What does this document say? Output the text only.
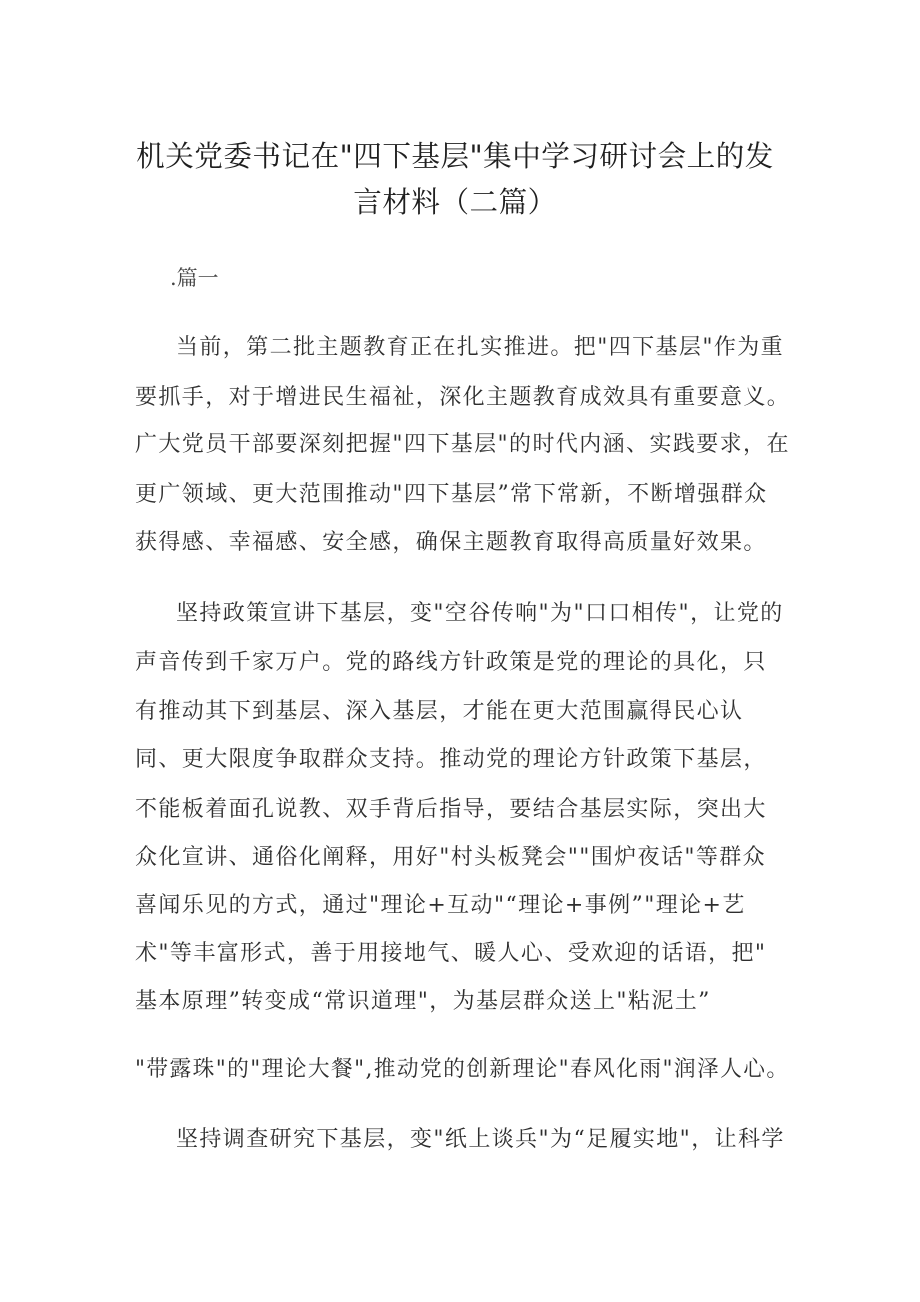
机关党委书记在"四下基层"集中学习研讨会上的发
言材料（二篇）
.篇一
当前，第二批主题教育正在扎实推进。把"四下基层"作为重
要抓手，对于增进民生福祉，深化主题教育成效具有重要意义。
广大党员干部要深刻把握"四下基层"的时代内涵、实践要求，在
更广领域、更大范围推动"四下基层”常下常新，不断增强群众
获得感、幸福感、安全感，确保主题教育取得高质量好效果。
坚持政策宣讲下基层，变"空谷传响"为"口口相传"，让党的
声音传到千家万户。党的路线方针政策是党的理论的具化，只
有推动其下到基层、深入基层，才能在更大范围赢得民心认
同、更大限度争取群众支持。推动党的理论方针政策下基层，
不能板着面孔说教、双手背后指导，要结合基层实际，突出大
众化宣讲、通俗化阐释，用好"村头板凳会""围炉夜话"等群众
喜闻乐见的方式，通过"理论+互动"“理论+事例”"理论+艺
术"等丰富形式，善于用接地气、暖人心、受欢迎的话语，把"
基本原理”转变成“常识道理"，为基层群众送上"粘泥土”
"带露珠"的"理论大餐",推动党的创新理论"春风化雨"润泽人心。
坚持调查研究下基层，变"纸上谈兵"为“足履实地"，让科学
